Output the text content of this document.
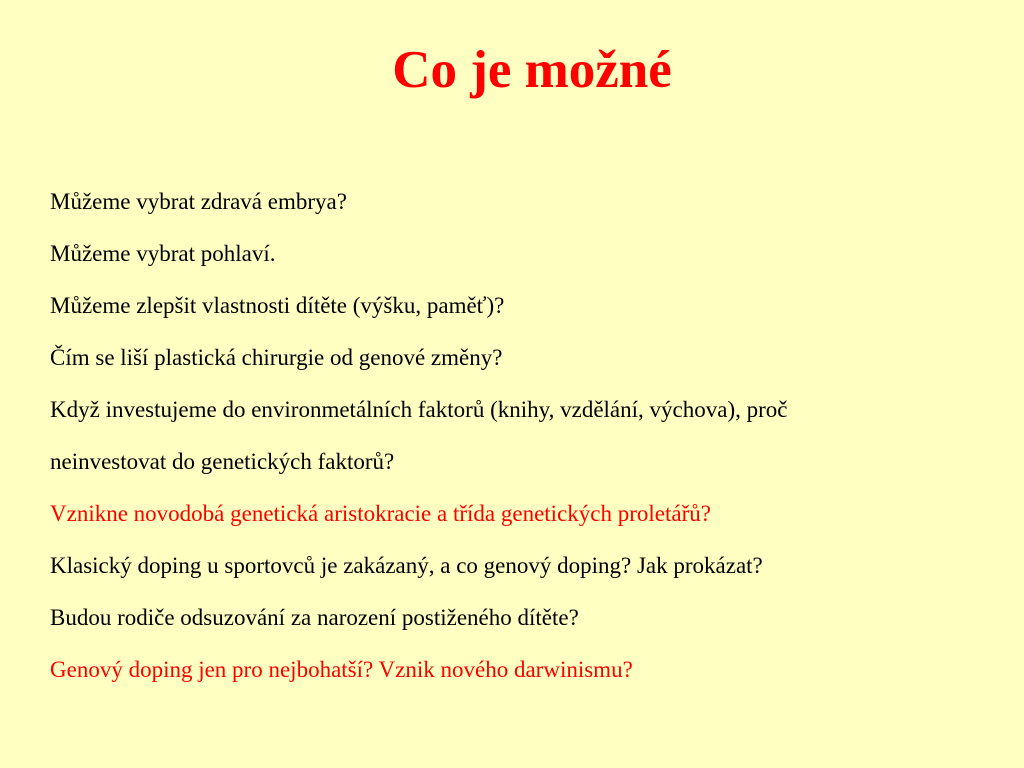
Co je možné
Můžeme vybrat zdravá embrya?
Můžeme vybrat pohlaví.
Můžeme zlepšit vlastnosti dítěte (výšku, paměť)?
Čím se liší plastická chirurgie od genové změny?
Když investujeme do environmetálních faktorů (knihy, vzdělání, výchova), proč
neinvestovat do genetických faktorů?
Vznikne novodobá genetická aristokracie a třída genetických proletářů?
Klasický doping u sportovců je zakázaný, a co genový doping? Jak prokázat?
Budou rodiče odsuzování za narození postiženého dítěte?
Genový doping jen pro nejbohatší? Vznik nového darwinismu?
